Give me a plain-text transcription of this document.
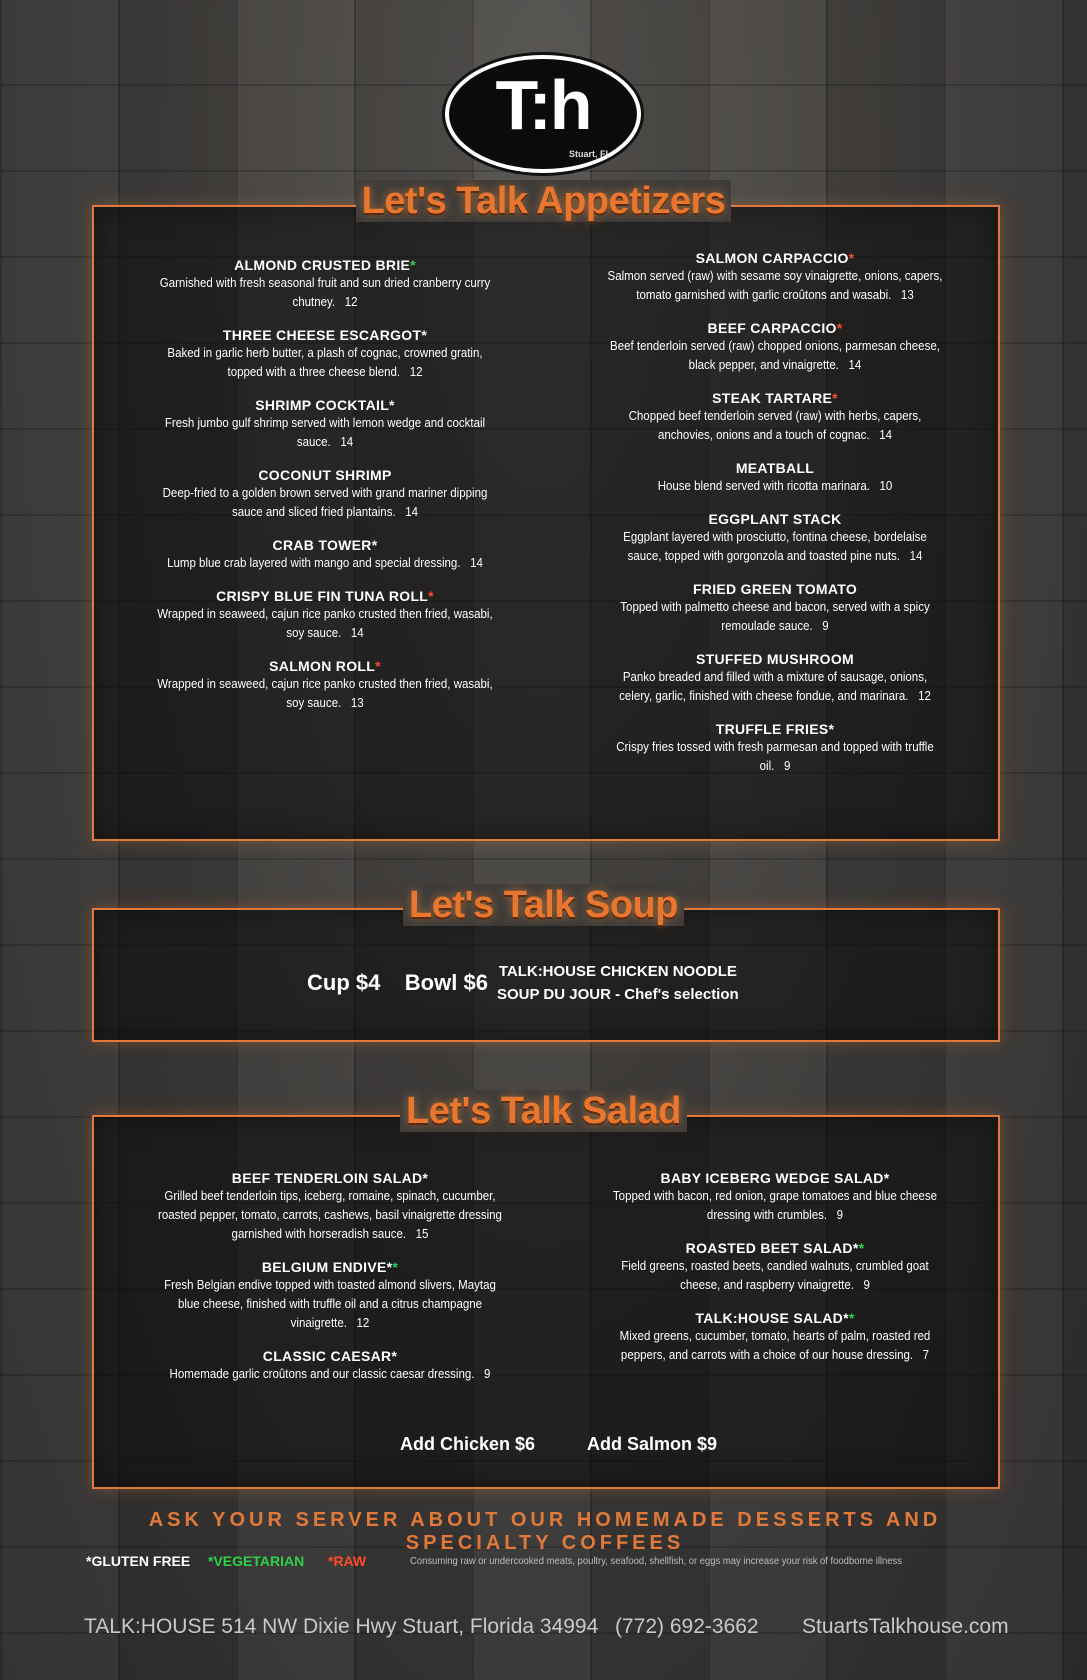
T:h
Stuart, FL
Let's Talk Appetizers
ALMOND CRUSTED BRIE*
Garnished with fresh seasonal fruit and sun dried cranberry curry chutney. 12
THREE CHEESE ESCARGOT*
Baked in garlic herb butter, a plash of cognac, crowned gratin, topped with a three cheese blend. 12
SHRIMP COCKTAIL*
Fresh jumbo gulf shrimp served with lemon wedge and cocktail sauce. 14
COCONUT SHRIMP
Deep-fried to a golden brown served with grand mariner dipping sauce and sliced fried plantains. 14
CRAB TOWER*
Lump blue crab layered with mango and special dressing. 14
CRISPY BLUE FIN TUNA ROLL*
Wrapped in seaweed, cajun rice panko crusted then fried, wasabi, soy sauce. 14
SALMON ROLL*
Wrapped in seaweed, cajun rice panko crusted then fried, wasabi, soy sauce. 13
SALMON CARPACCIO*
Salmon served (raw) with sesame soy vinaigrette, onions, capers, tomato garnished with garlic croûtons and wasabi. 13
BEEF CARPACCIO*
Beef tenderloin served (raw) chopped onions, parmesan cheese, black pepper, and vinaigrette. 14
STEAK TARTARE*
Chopped beef tenderloin served (raw) with herbs, capers, anchovies, onions and a touch of cognac. 14
MEATBALL
House blend served with ricotta marinara. 10
EGGPLANT STACK
Eggplant layered with prosciutto, fontina cheese, bordelaise sauce, topped with gorgonzola and toasted pine nuts. 14
FRIED GREEN TOMATO
Topped with palmetto cheese and bacon, served with a spicy remoulade sauce. 9
STUFFED MUSHROOM
Panko breaded and filled with a mixture of sausage, onions, celery, garlic, finished with cheese fondue, and marinara. 12
TRUFFLE FRIES*
Crispy fries tossed with fresh parmesan and topped with truffle oil. 9
Let's Talk Soup
Cup $4    Bowl $6 TALK:HOUSE CHICKEN NOODLE
SOUP DU JOUR - Chef's selection
Let's Talk Salad
BEEF TENDERLOIN SALAD*
Grilled beef tenderloin tips, iceberg, romaine, spinach, cucumber, roasted pepper, tomato, carrots, cashews, basil vinaigrette dressing garnished with horseradish sauce. 15
BELGIUM ENDIVE**
Fresh Belgian endive topped with toasted almond slivers, Maytag blue cheese, finished with truffle oil and a citrus champagne vinaigrette. 12
CLASSIC CAESAR*
Homemade garlic croûtons and our classic caesar dressing. 9
BABY ICEBERG WEDGE SALAD*
Topped with bacon, red onion, grape tomatoes and blue cheese dressing with crumbles. 9
ROASTED BEET SALAD**
Field greens, roasted beets, candied walnuts, crumbled goat cheese, and raspberry vinaigrette. 9
TALK:HOUSE SALAD**
Mixed greens, cucumber, tomato, hearts of palm, roasted red peppers, and carrots with a choice of our house dressing. 7
Add Chicken $6	Add Salmon $9
ASK YOUR SERVER ABOUT OUR HOMEMADE DESSERTS AND SPECIALTY COFFEES
*GLUTEN FREE *VEGETARIAN *RAW	Consuming raw or undercooked meats, poultry, seafood, shellfish, or eggs may increase your risk of foodborne illness
TALK:HOUSE 514 NW Dixie Hwy Stuart, Florida 34994 (772) 692-3662 StuartsTalkhouse.com
